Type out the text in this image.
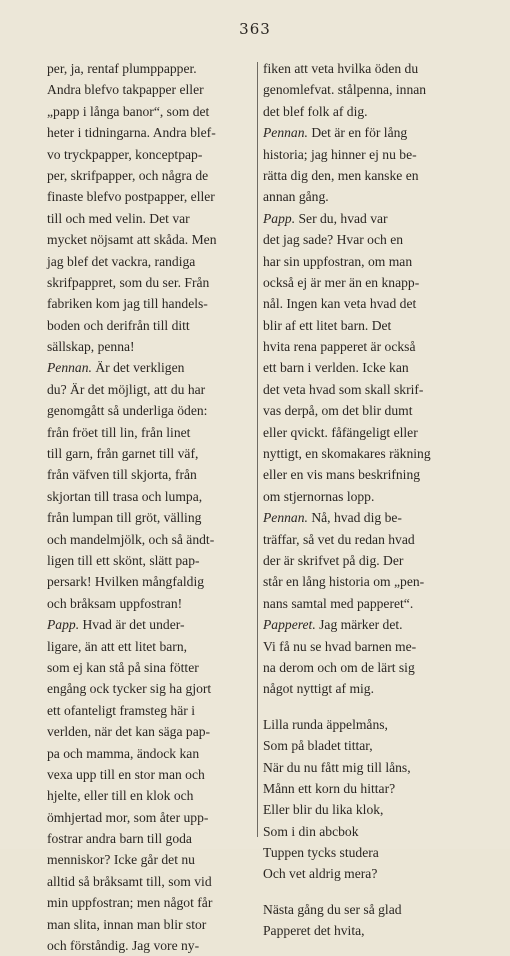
363
per, ja, rentaf plumppapper.
Andra blefvo takpapper eller
„papp i långa banor“, som det
heter i tidningarna. Andra blef-
vo tryckpapper, konceptpap-
per, skrifpapper, och några de
finaste blefvo postpapper, eller
till och med velin. Det var
mycket nöjsamt att skåda. Men
jag blef det vackra, randiga
skrifpappret, som du ser. Från
fabriken kom jag till handels-
boden och derifrån till ditt
sällskap, penna!
Pennan. Är det verkligen
du? Är det möjligt, att du har
genomgått så underliga öden:
från fröet till lin, från linet
till garn, från garnet till väf,
från väfven till skjorta, från
skjortan till trasa och lumpa,
från lumpan till gröt, välling
och mandelmjölk, och så ändt-
ligen till ett skönt, slätt pap-
persark! Hvilken mångfaldig
och bråksam uppfostran!
Papp. Hvad är det under-
ligare, än att ett litet barn,
som ej kan stå på sina fötter
engång ock tycker sig ha gjort
ett ofanteligt framsteg här i
verlden, när det kan säga pap-
pa och mamma, ändock kan
vexa upp till en stor man och
hjelte, eller till en klok och
ömhjertad mor, som åter upp-
fostrar andra barn till goda
menniskor? Icke går det nu
alltid så bråksamt till, som vid
min uppfostran; men något får
man slita, innan man blir stor
och förståndig. Jag vore ny-
fiken att veta hvilka öden du
genomlefvat. stålpenna, innan
det blef folk af dig.
Pennan. Det är en för lång
historia; jag hinner ej nu be-
rätta dig den, men kanske en
annan gång.
Papp. Ser du, hvad var
det jag sade? Hvar och en
har sin uppfostran, om man
också ej är mer än en knapp-
nål. Ingen kan veta hvad det
blir af ett litet barn. Det
hvita rena papperet är också
ett barn i verlden. Icke kan
det veta hvad som skall skrif-
vas derpå, om det blir dumt
eller qvickt. fåfängeligt eller
nyttigt, en skomakares räkning
eller en vis mans beskrifning
om stjernornas lopp.
Pennan. Nå, hvad dig be-
träffar, så vet du redan hvad
der är skrifvet på dig. Der
står en lång historia om „pen-
nans samtal med papperet“.
Papperet. Jag märker det.
Vi få nu se hvad barnen me-
na derom och om de lärt sig
något nyttigt af mig.
Lilla runda äppelmåns,
Som på bladet tittar,
När du nu fått mig till låns,
Månn ett korn du hittar?
Eller blir du lika klok,
Som i din abcbok
Tuppen tycks studera
Och vet aldrig mera?
Nästa gång du ser så glad
Papperet det hvita,
